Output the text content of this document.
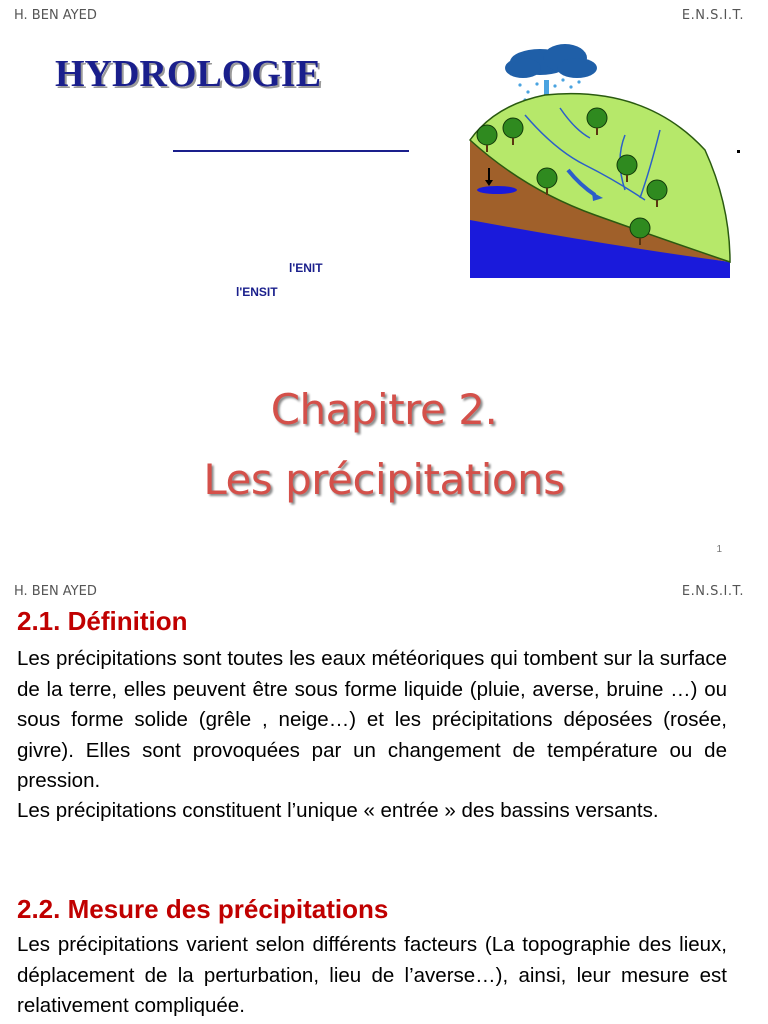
H. BEN AYED	E.N.S.I.T.
HYDROLOGIE
l'ENIT
l'ENSIT
Chapitre 2.
Les précipitations
1
H. BEN AYED	E.N.S.I.T.
2.1. Définition

Les précipitations sont toutes les eaux météoriques qui tombent sur la surface de la terre, elles peuvent être sous forme liquide (pluie, averse, bruine …) ou sous forme solide (grêle , neige…) et les précipitations déposées (rosée, givre). Elles sont provoquées par un changement de température ou de pression.

Les précipitations constituent l’unique « entrée » des bassins versants.

2.2. Mesure des précipitations

Les précipitations varient selon différents facteurs (La topographie des lieux, déplacement de la perturbation, lieu de l’averse…), ainsi, leur mesure est relativement compliquée.
